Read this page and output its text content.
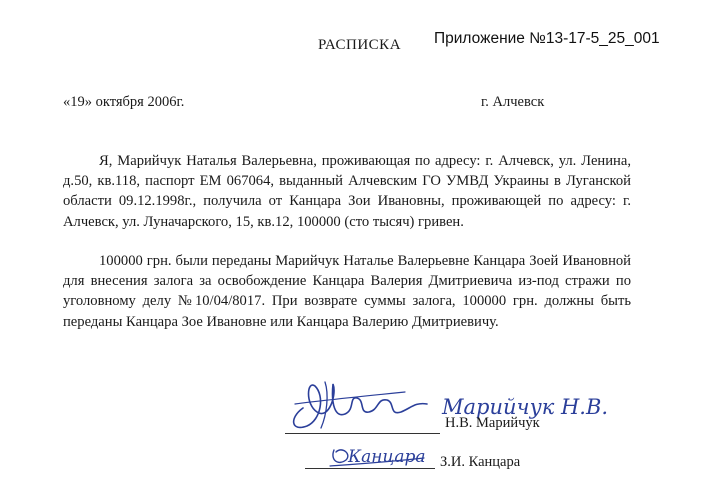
РАСПИСКА Приложение №13-17-5_25_001
«19» октября 2006г.	г. Алчевск

Я, Марийчук Наталья Валерьевна, проживающая по адресу: г. Алчевск, ул. Ленина, д.50, кв.118, паспорт ЕМ 067064, выданный Алчевским ГО УМВД Украины в Луганской области 09.12.1998г., получила от Канцара Зои Ивановны, проживающей по адресу: г. Алчевск, ул. Луначарского, 15, кв.12, 100000 (сто тысяч) гривен.

100000 грн. были переданы Марийчук Наталье Валерьевне Канцара Зоей Ивановной для внесения залога за освобождение Канцара Валерия Дмитриевича из-под стражи по уголовному делу №10/04/8017. При возврате суммы залога, 100000 грн. должны быть переданы Канцара Зое Ивановне или Канцара Валерию Дмитриевичу.

Марийчук Н.В.
Н.В. Марийчук
Канцара З.И. Канцара
